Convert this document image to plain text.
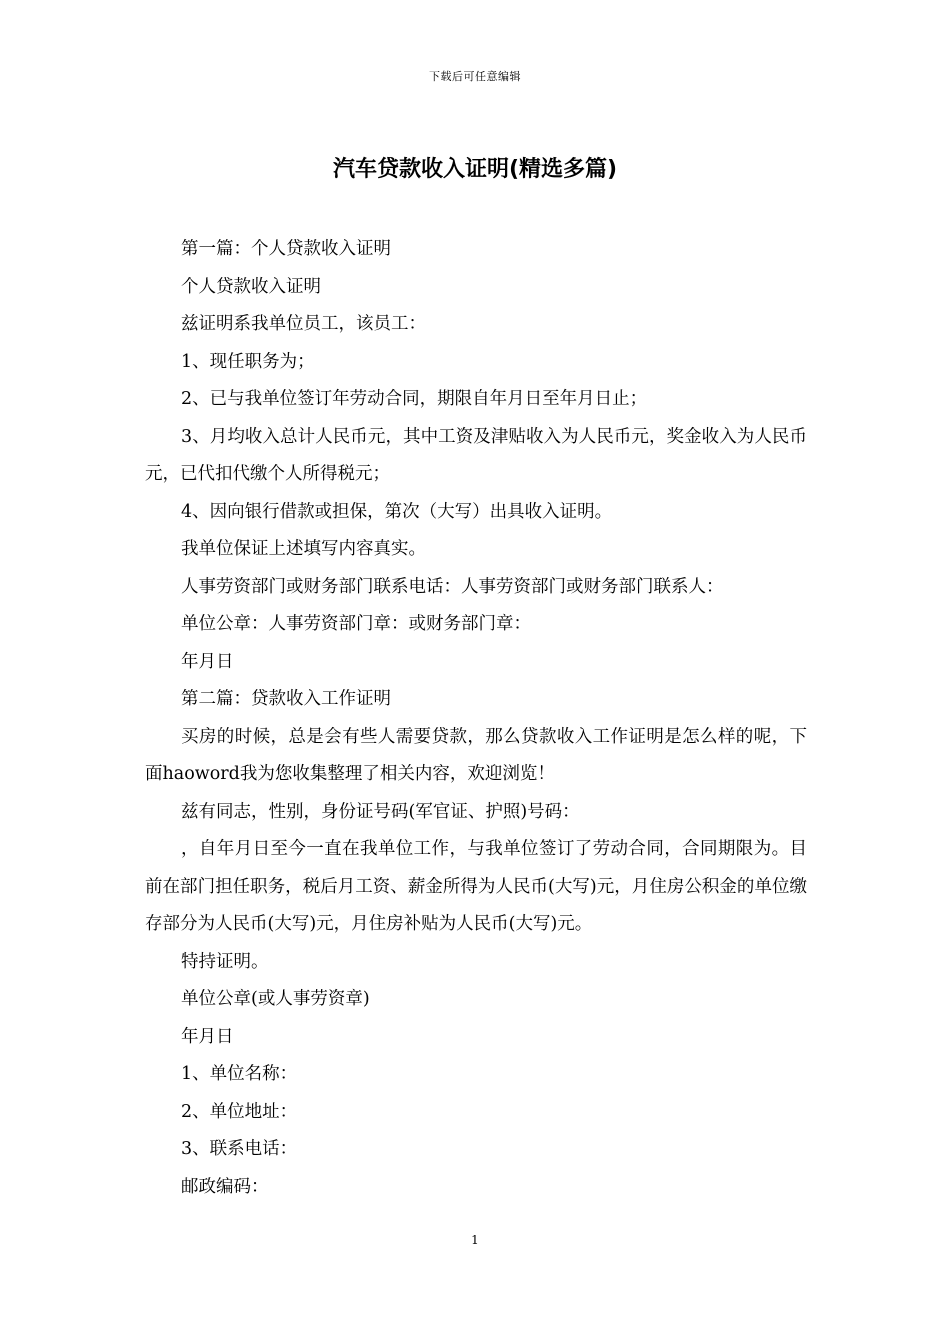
下载后可任意编辑
汽车贷款收入证明(精选多篇)

第一篇：个人贷款收入证明

个人贷款收入证明

兹证明系我单位员工，该员工：

1、现任职务为；

2、已与我单位签订年劳动合同，期限自年月日至年月日止；

3、月均收入总计人民币元，其中工资及津贴收入为人民币元，奖金收入为人民币元，已代扣代缴个人所得税元；

4、因向银行借款或担保，第次（大写）出具收入证明。

我单位保证上述填写内容真实。

人事劳资部门或财务部门联系电话：人事劳资部门或财务部门联系人：

单位公章：人事劳资部门章：或财务部门章：

年月日

第二篇：贷款收入工作证明

买房的时候，总是会有些人需要贷款，那么贷款收入工作证明是怎么样的呢，下面haoword我为您收集整理了相关内容，欢迎浏览！

兹有同志，性别，身份证号码(军官证、护照)号码：

，自年月日至今一直在我单位工作，与我单位签订了劳动合同，合同期限为。目前在部门担任职务，税后月工资、薪金所得为人民币(大写)元，月住房公积金的单位缴存部分为人民币(大写)元，月住房补贴为人民币(大写)元。

特持证明。

单位公章(或人事劳资章)

年月日

1、单位名称：

2、单位地址：

3、联系电话：

邮政编码：

1
